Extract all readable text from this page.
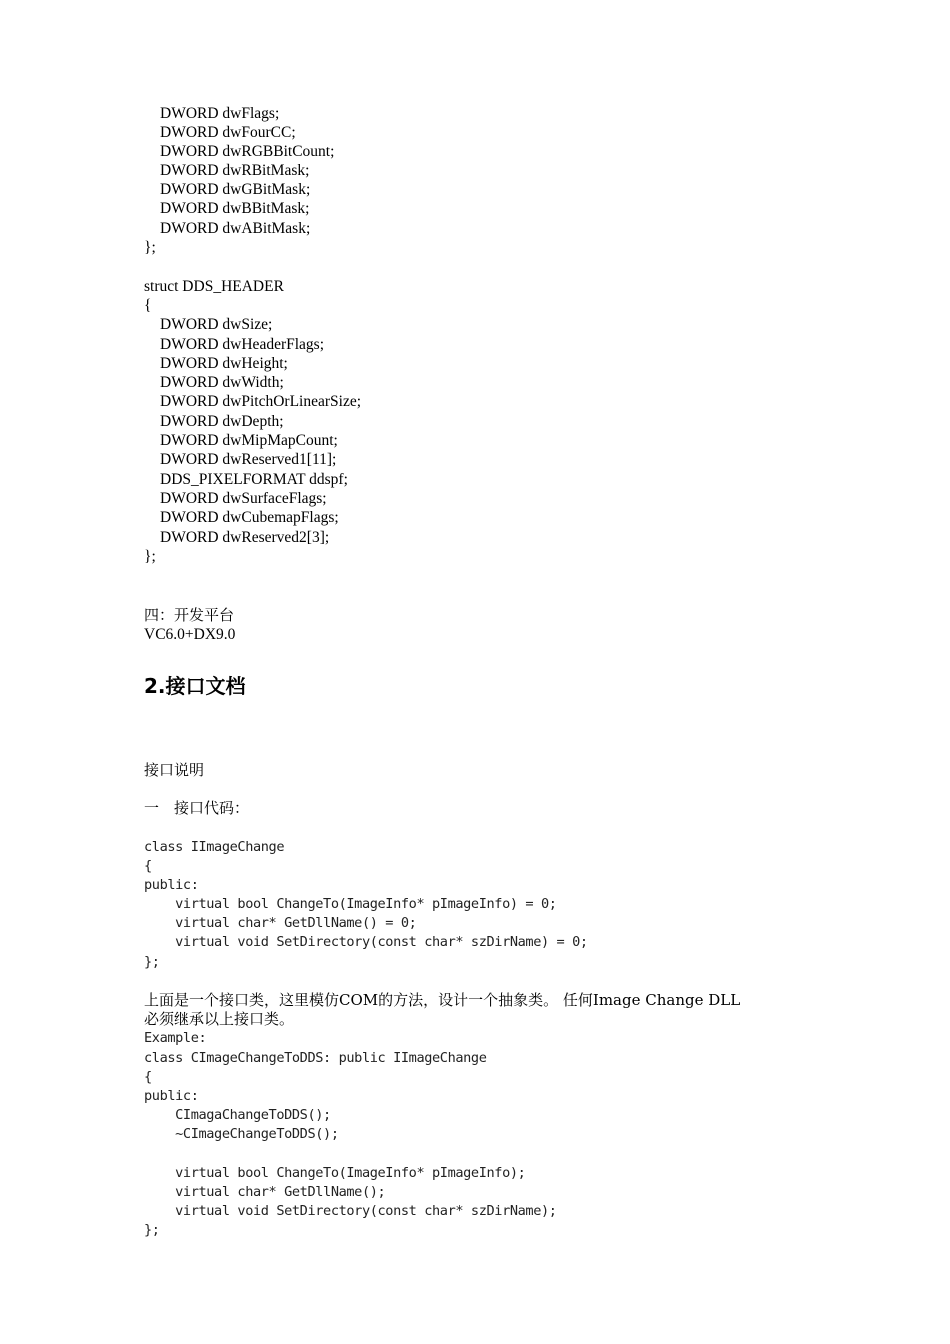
DWORD dwFlags;
DWORD dwFourCC;
DWORD dwRGBBitCount;
DWORD dwRBitMask;
DWORD dwGBitMask;
DWORD dwBBitMask;
DWORD dwABitMask;
};
struct DDS_HEADER
{
DWORD dwSize;
DWORD dwHeaderFlags;
DWORD dwHeight;
DWORD dwWidth;
DWORD dwPitchOrLinearSize;
DWORD dwDepth;
DWORD dwMipMapCount;
DWORD dwReserved1[11];
DDS_PIXELFORMAT ddspf;
DWORD dwSurfaceFlags;
DWORD dwCubemapFlags;
DWORD dwReserved2[3];
};
四：开发平台
VC6.0+DX9.0
2.接口文档
接口说明
一　接口代码：
class IImageChange
{
public:
virtual bool ChangeTo(ImageInfo* pImageInfo) = 0;
virtual char* GetDllName() = 0;
virtual void SetDirectory(const char* szDirName) = 0;
};
上面是一个接口类，这里模仿COM的方法，设计一个抽象类。 任何Image Change DLL
必须继承以上接口类。
Example:
class CImageChangeToDDS: public IImageChange
{
public:
CImagaChangeToDDS();
~CImageChangeToDDS();
virtual bool ChangeTo(ImageInfo* pImageInfo);
virtual char* GetDllName();
virtual void SetDirectory(const char* szDirName);
};
